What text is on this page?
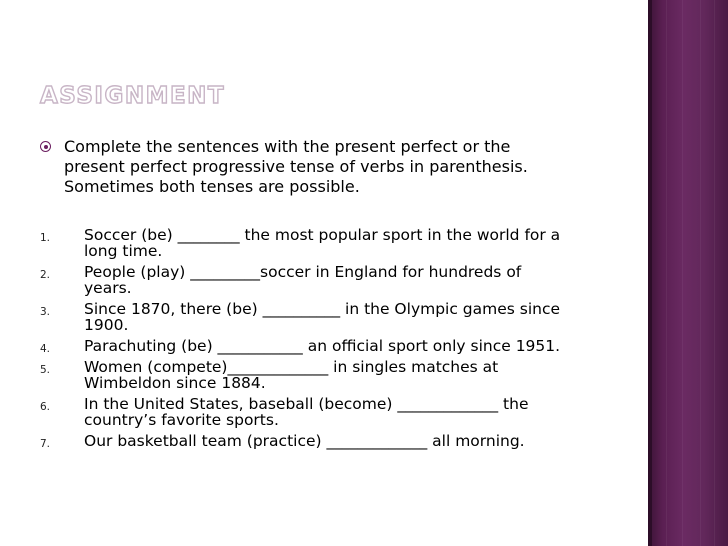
ASSIGNMENT
Complete the sentences with the present perfect or the
present perfect progressive tense of verbs in parenthesis.
Sometimes both tenses are possible.
1. Soccer (be) ________ the most popular sport in the world for a
long time.
2. People (play) _________soccer in England for hundreds of
years.
3. Since 1870, there (be) __________ in the Olympic games since
1900.
4. Parachuting (be) ___________ an official sport only since 1951.
5. Women (compete)_____________ in singles matches at
Wimbeldon since 1884.
6. In the United States, baseball (become) _____________ the
country’s favorite sports.
7. Our basketball team (practice) _____________ all morning.
